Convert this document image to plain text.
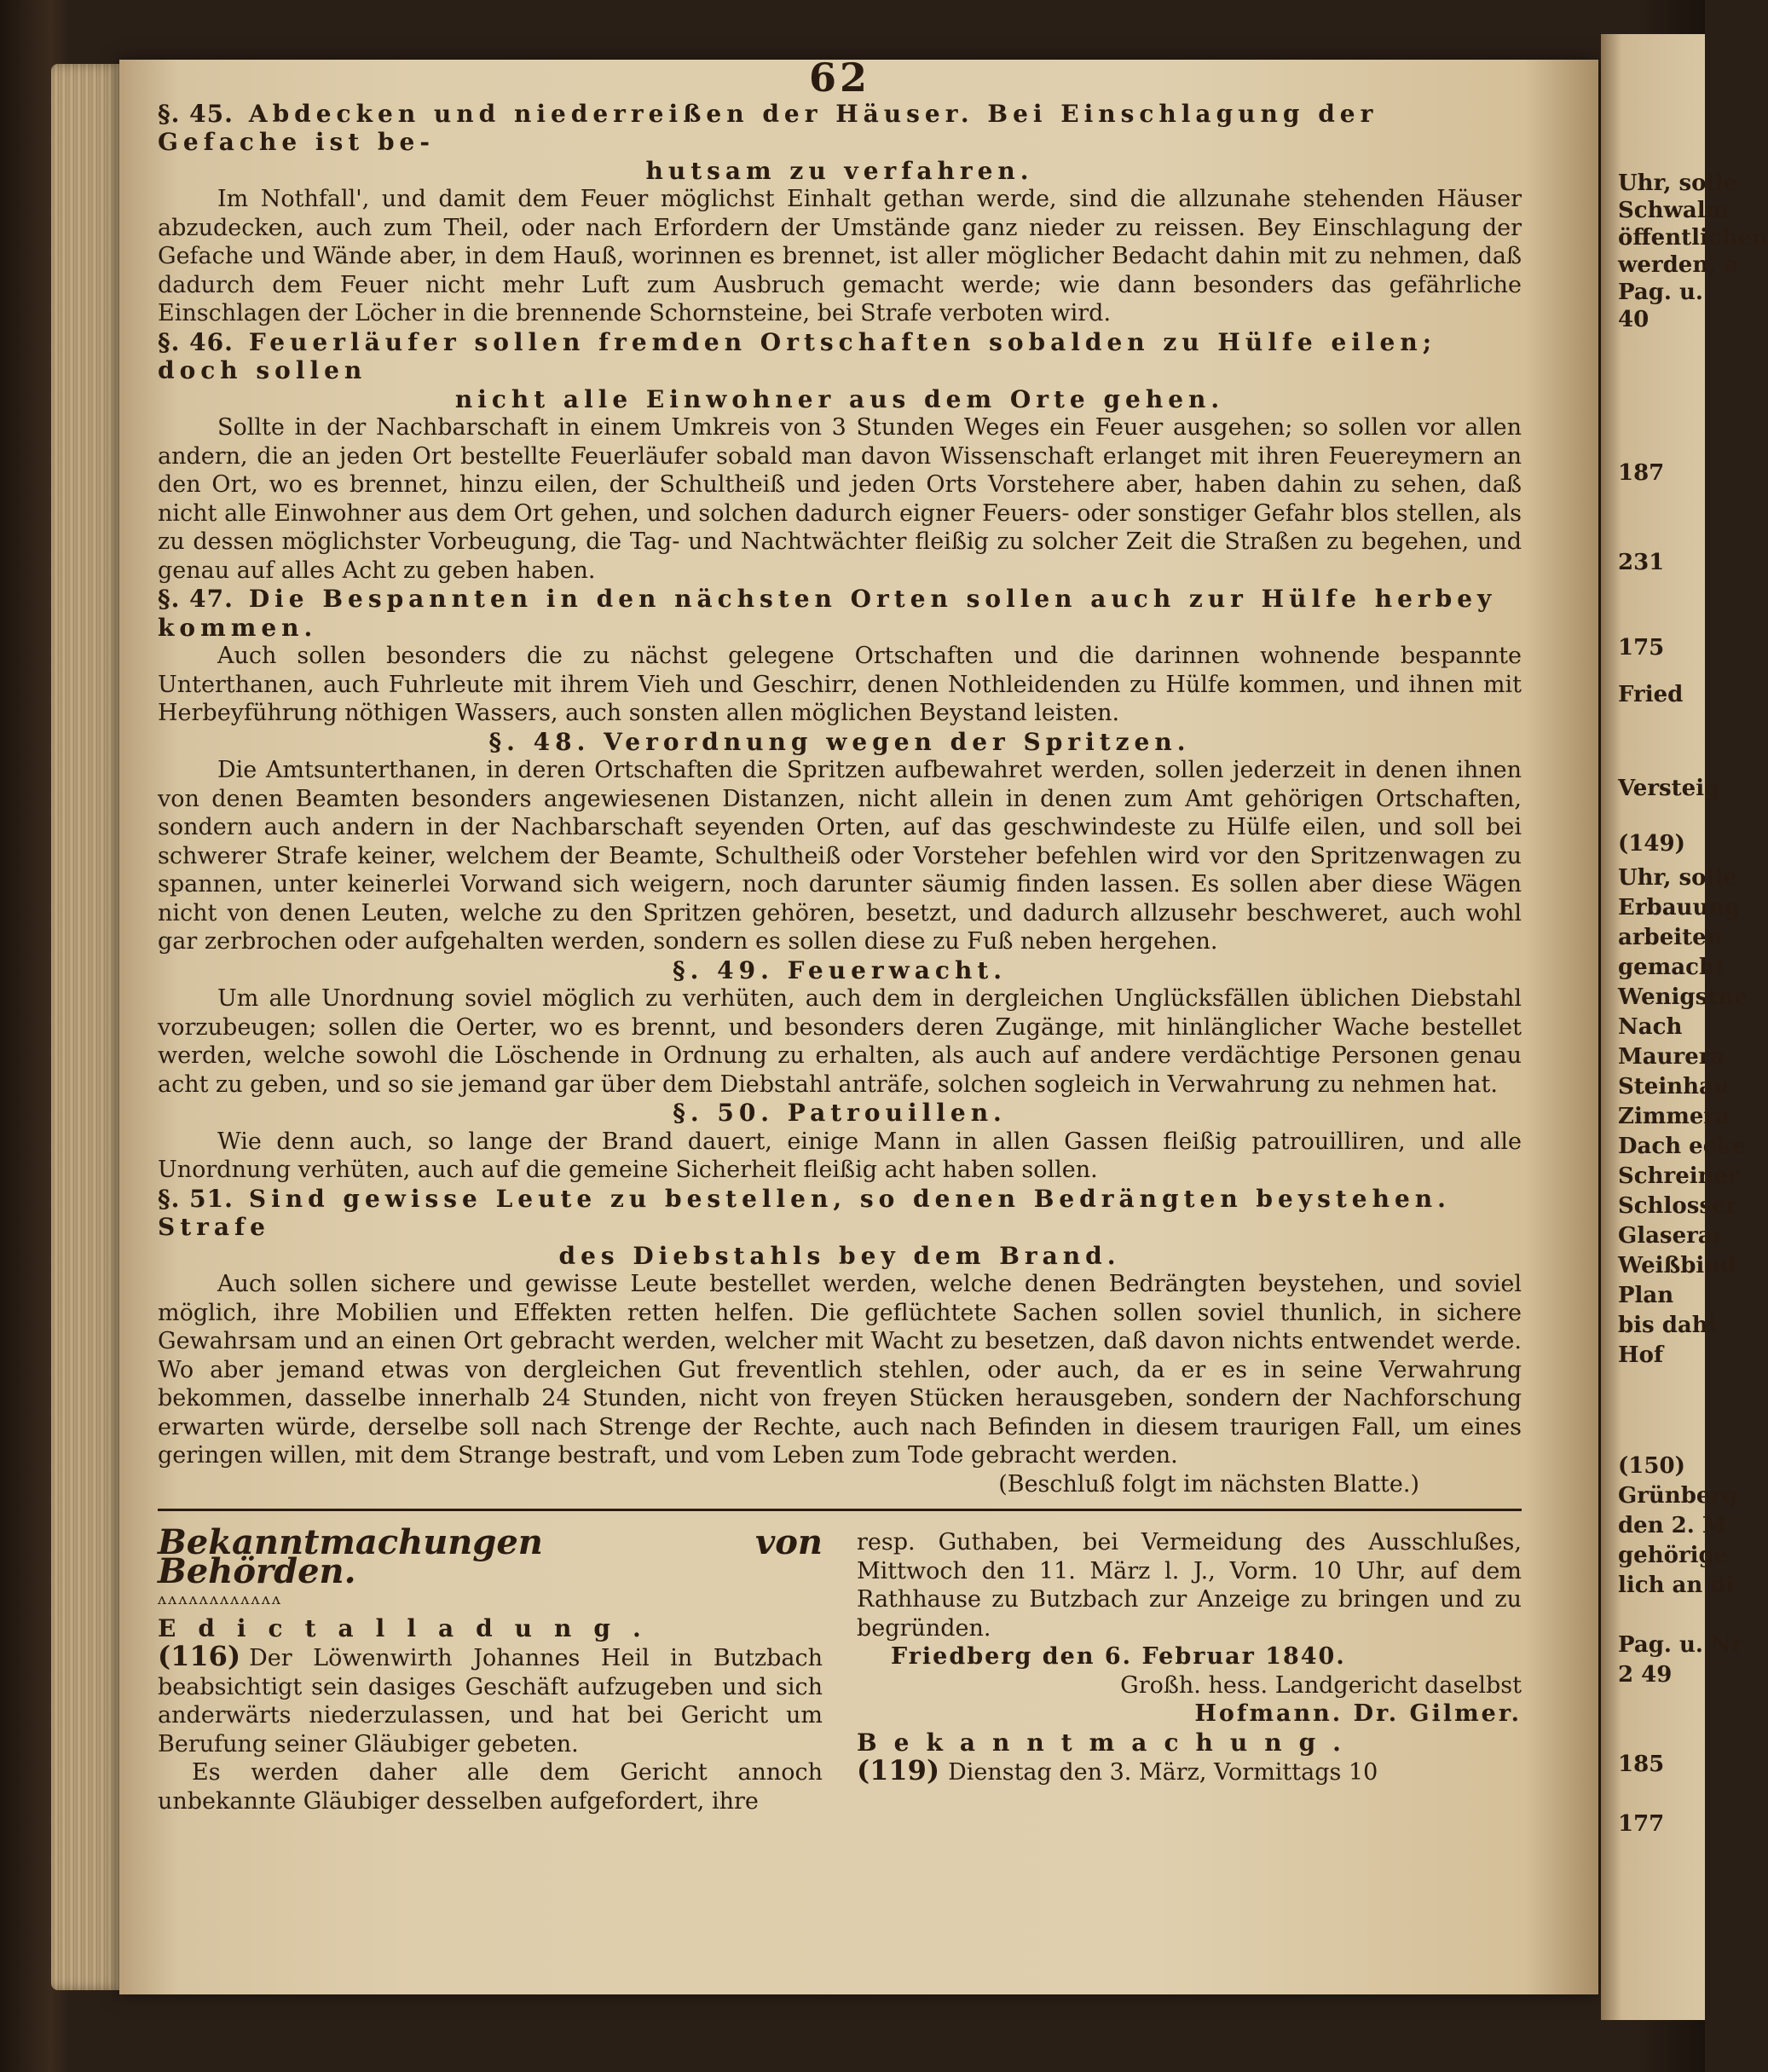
Uhr, solle
Schwalm
öffentlichen
werden, a
Pag. u.
40
187
231
175
Fried
Versteig
(149)
Uhr, solle
Erbauung
arbeiten
gemacht
Wenigstne
Nach
Maurera
Steinhau
Zimmera
Dach ecke
Schreiner
Schlosser
Glaserar
Weißbind
Plan
bis dahi
Hof
(150)
Grünberg
den 2. M
gehörige
lich an di
Pag. u. Nr
2 49
185
177
62

§. 45. Abdecken und niederreißen der Häuser. Bei Einschlagung der Gefache ist be-

hutsam zu verfahren.

Im Nothfall', und damit dem Feuer möglichst Einhalt gethan werde, sind die allzunahe stehenden Häuser abzudecken, auch zum Theil, oder nach Erfordern der Umstände ganz nieder zu reissen. Bey Einschlagung der Gefache und Wände aber, in dem Hauß, worinnen es brennet, ist aller möglicher Bedacht dahin mit zu nehmen, daß dadurch dem Feuer nicht mehr Luft zum Ausbruch gemacht werde; wie dann besonders das gefährliche Einschlagen der Löcher in die brennende Schornsteine, bei Strafe verboten wird.

§. 46. Feuerläufer sollen fremden Ortschaften sobalden zu Hülfe eilen; doch sollen

nicht alle Einwohner aus dem Orte gehen.

Sollte in der Nachbarschaft in einem Umkreis von 3 Stunden Weges ein Feuer ausgehen; so sollen vor allen andern, die an jeden Ort bestellte Feuerläufer sobald man davon Wissenschaft erlanget mit ihren Feuereymern an den Ort, wo es brennet, hinzu eilen, der Schultheiß und jeden Orts Vorstehere aber, haben dahin zu sehen, daß nicht alle Einwohner aus dem Ort gehen, und solchen dadurch eigner Feuers- oder sonstiger Gefahr blos stellen, als zu dessen möglichster Vorbeugung, die Tag- und Nachtwächter fleißig zu solcher Zeit die Straßen zu begehen, und genau auf alles Acht zu geben haben.

§. 47. Die Bespannten in den nächsten Orten sollen auch zur Hülfe herbey kommen.

Auch sollen besonders die zu nächst gelegene Ortschaften und die darinnen wohnende bespannte Unterthanen, auch Fuhrleute mit ihrem Vieh und Geschirr, denen Nothleidenden zu Hülfe kommen, und ihnen mit Herbeyführung nöthigen Wassers, auch sonsten allen möglichen Beystand leisten.

§. 48. Verordnung wegen der Spritzen.

Die Amtsunterthanen, in deren Ortschaften die Spritzen aufbewahret werden, sollen jederzeit in denen ihnen von denen Beamten besonders angewiesenen Distanzen, nicht allein in denen zum Amt gehörigen Ortschaften, sondern auch andern in der Nachbarschaft seyenden Orten, auf das geschwindeste zu Hülfe eilen, und soll bei schwerer Strafe keiner, welchem der Beamte, Schultheiß oder Vorsteher befehlen wird vor den Spritzenwagen zu spannen, unter keinerlei Vorwand sich weigern, noch darunter säumig finden lassen. Es sollen aber diese Wägen nicht von denen Leuten, welche zu den Spritzen gehören, besetzt, und dadurch allzusehr beschweret, auch wohl gar zerbrochen oder aufgehalten werden, sondern es sollen diese zu Fuß neben hergehen.

§. 49. Feuerwacht.

Um alle Unordnung soviel möglich zu verhüten, auch dem in dergleichen Unglücksfällen üblichen Diebstahl vorzubeugen; sollen die Oerter, wo es brennt, und besonders deren Zugänge, mit hinlänglicher Wache bestellet werden, welche sowohl die Löschende in Ordnung zu erhalten, als auch auf andere verdächtige Personen genau acht zu geben, und so sie jemand gar über dem Diebstahl anträfe, solchen sogleich in Verwahrung zu nehmen hat.

§. 50. Patrouillen.

Wie denn auch, so lange der Brand dauert, einige Mann in allen Gassen fleißig patrouilliren, und alle Unordnung verhüten, auch auf die gemeine Sicherheit fleißig acht haben sollen.

§. 51. Sind gewisse Leute zu bestellen, so denen Bedrängten beystehen. Strafe

des Diebstahls bey dem Brand.

Auch sollen sichere und gewisse Leute bestellet werden, welche denen Bedrängten beystehen, und soviel möglich, ihre Mobilien und Effekten retten helfen. Die geflüchtete Sachen sollen soviel thunlich, in sichere Gewahrsam und an einen Ort gebracht werden, welcher mit Wacht zu besetzen, daß davon nichts entwendet werde. Wo aber jemand etwas von dergleichen Gut freventlich stehlen, oder auch, da er es in seine Verwahrung bekommen, dasselbe innerhalb 24 Stunden, nicht von freyen Stücken herausgeben, sondern der Nachforschung erwarten würde, derselbe soll nach Strenge der Rechte, auch nach Befinden in diesem traurigen Fall, um eines geringen willen, mit dem Strange bestraft, und vom Leben zum Tode gebracht werden.

(Beschluß folgt im nächsten Blatte.)

Bekanntmachungen von Behörden.

ᴧᴧᴧᴧᴧᴧᴧᴧᴧᴧᴧᴧ

Edictalladung.

(116) Der Löwenwirth Johannes Heil in Butzbach beabsichtigt sein dasiges Geschäft aufzugeben und sich anderwärts niederzulassen, und hat bei Gericht um Berufung seiner Gläubiger gebeten.

Es werden daher alle dem Gericht annoch unbekannte Gläubiger desselben aufgefordert, ihre

resp. Guthaben, bei Vermeidung des Ausschlußes, Mittwoch den 11. März l. J., Vorm. 10 Uhr, auf dem Rathhause zu Butzbach zur Anzeige zu bringen und zu begründen.

Friedberg den 6. Februar 1840.

Großh. hess. Landgericht daselbst

Hofmann. Dr. Gilmer.

Bekanntmachung.

(119) Dienstag den 3. März, Vormittags 10
